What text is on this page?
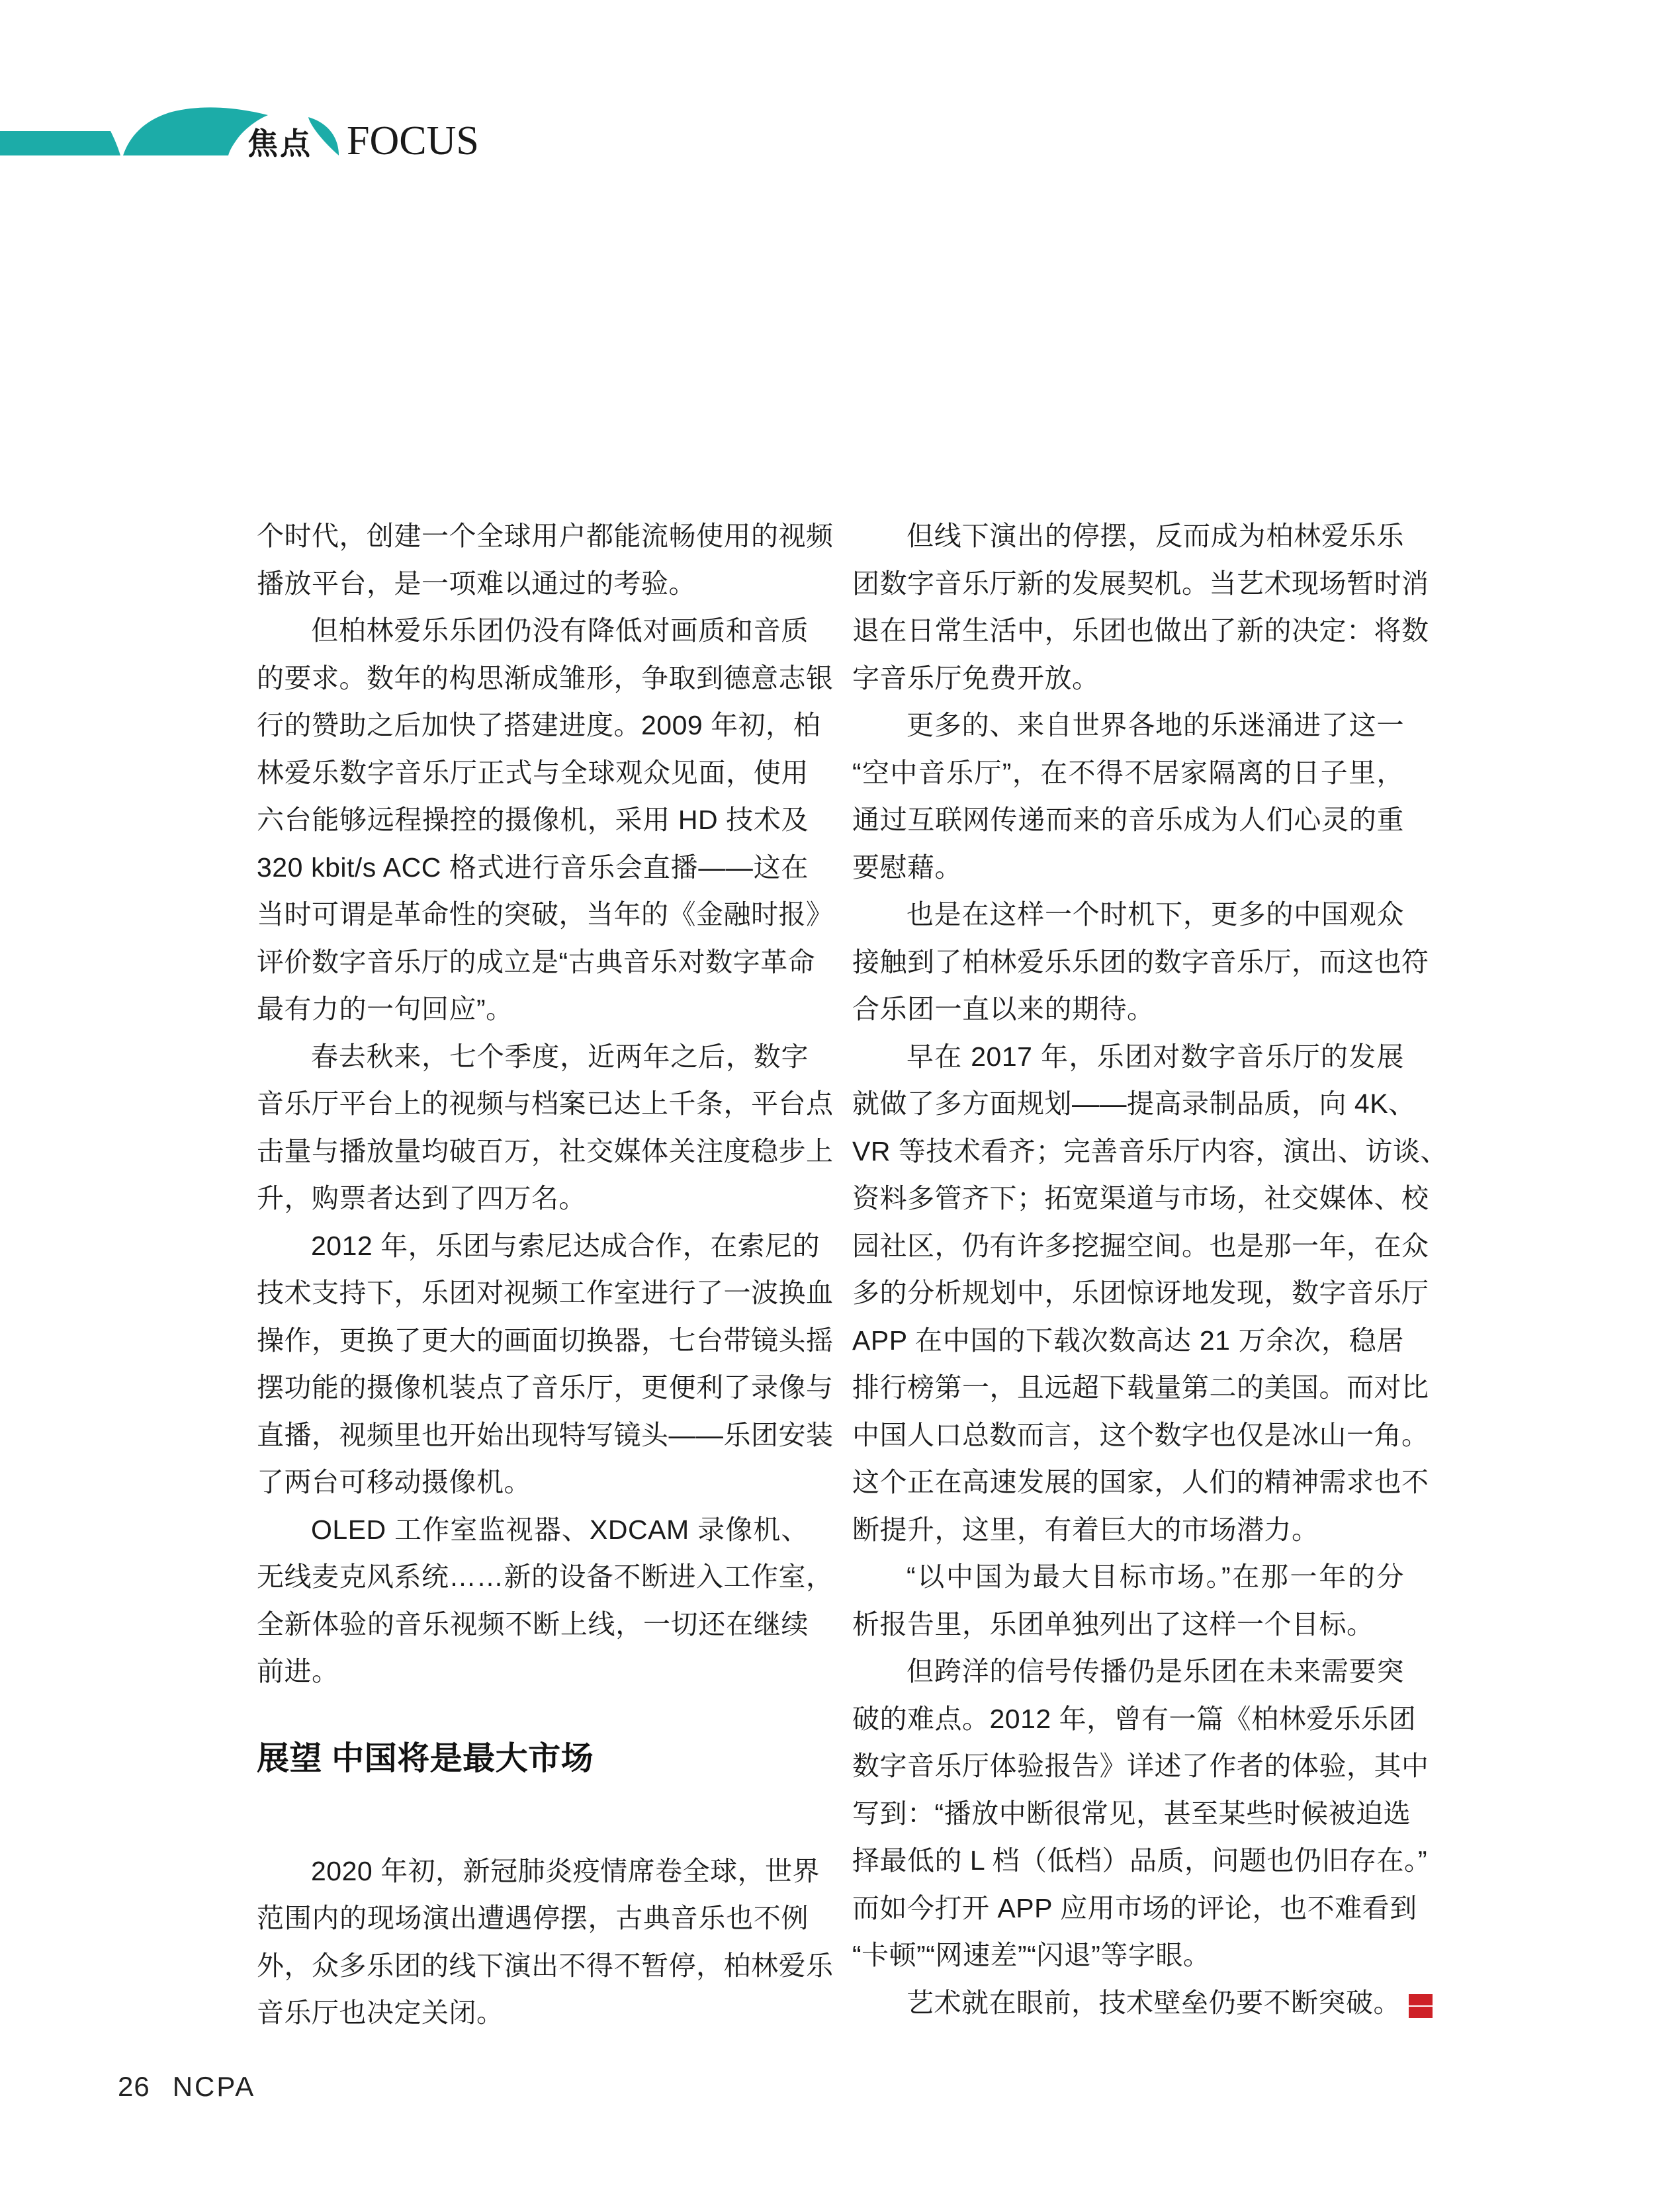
焦点 FOCUS
个时代，创建一个全球用户都能流畅使用的视频
播放平台，是一项难以通过的考验。
但柏林爱乐乐团仍没有降低对画质和音质
的要求。数年的构思渐成雏形，争取到德意志银
行的赞助之后加快了搭建进度。2009 年初，柏
林爱乐数字音乐厅正式与全球观众见面，使用
六台能够远程操控的摄像机，采用 HD 技术及
320 kbit/s ACC 格式进行音乐会直播——这在
当时可谓是革命性的突破，当年的《金融时报》
评价数字音乐厅的成立是“古典音乐对数字革命
最有力的一句回应”。
春去秋来，七个季度，近两年之后，数字
音乐厅平台上的视频与档案已达上千条，平台点
击量与播放量均破百万，社交媒体关注度稳步上
升，购票者达到了四万名。
2012 年，乐团与索尼达成合作，在索尼的
技术支持下，乐团对视频工作室进行了一波换血
操作，更换了更大的画面切换器，七台带镜头摇
摆功能的摄像机装点了音乐厅，更便利了录像与
直播，视频里也开始出现特写镜头——乐团安装
了两台可移动摄像机。
OLED 工作室监视器、XDCAM 录像机、
无线麦克风系统……新的设备不断进入工作室，
全新体验的音乐视频不断上线，一切还在继续
前进。
展望 中国将是最大市场
2020 年初，新冠肺炎疫情席卷全球，世界
范围内的现场演出遭遇停摆，古典音乐也不例
外，众多乐团的线下演出不得不暂停，柏林爱乐
音乐厅也决定关闭。
但线下演出的停摆，反而成为柏林爱乐乐
团数字音乐厅新的发展契机。当艺术现场暂时消
退在日常生活中，乐团也做出了新的决定：将数
字音乐厅免费开放。
更多的、来自世界各地的乐迷涌进了这一
“空中音乐厅”，在不得不居家隔离的日子里，
通过互联网传递而来的音乐成为人们心灵的重
要慰藉。
也是在这样一个时机下，更多的中国观众
接触到了柏林爱乐乐团的数字音乐厅，而这也符
合乐团一直以来的期待。
早在 2017 年，乐团对数字音乐厅的发展
就做了多方面规划——提高录制品质，向 4K、
VR 等技术看齐；完善音乐厅内容，演出、访谈、
资料多管齐下；拓宽渠道与市场，社交媒体、校
园社区，仍有许多挖掘空间。也是那一年，在众
多的分析规划中，乐团惊讶地发现，数字音乐厅
APP 在中国的下载次数高达 21 万余次，稳居
排行榜第一，且远超下载量第二的美国。而对比
中国人口总数而言，这个数字也仅是冰山一角。
这个正在高速发展的国家，人们的精神需求也不
断提升，这里，有着巨大的市场潜力。
“以中国为最大目标市场。”在那一年的分
析报告里，乐团单独列出了这样一个目标。
但跨洋的信号传播仍是乐团在未来需要突
破的难点。2012 年，曾有一篇《柏林爱乐乐团
数字音乐厅体验报告》详述了作者的体验，其中
写到：“播放中断很常见，甚至某些时候被迫选
择最低的 L 档（低档）品质，问题也仍旧存在。”
而如今打开 APP 应用市场的评论，也不难看到
“卡顿”“网速差”“闪退”等字眼。
艺术就在眼前，技术壁垒仍要不断突破。 $\frac{NC}{PA}$
26 NCPA
